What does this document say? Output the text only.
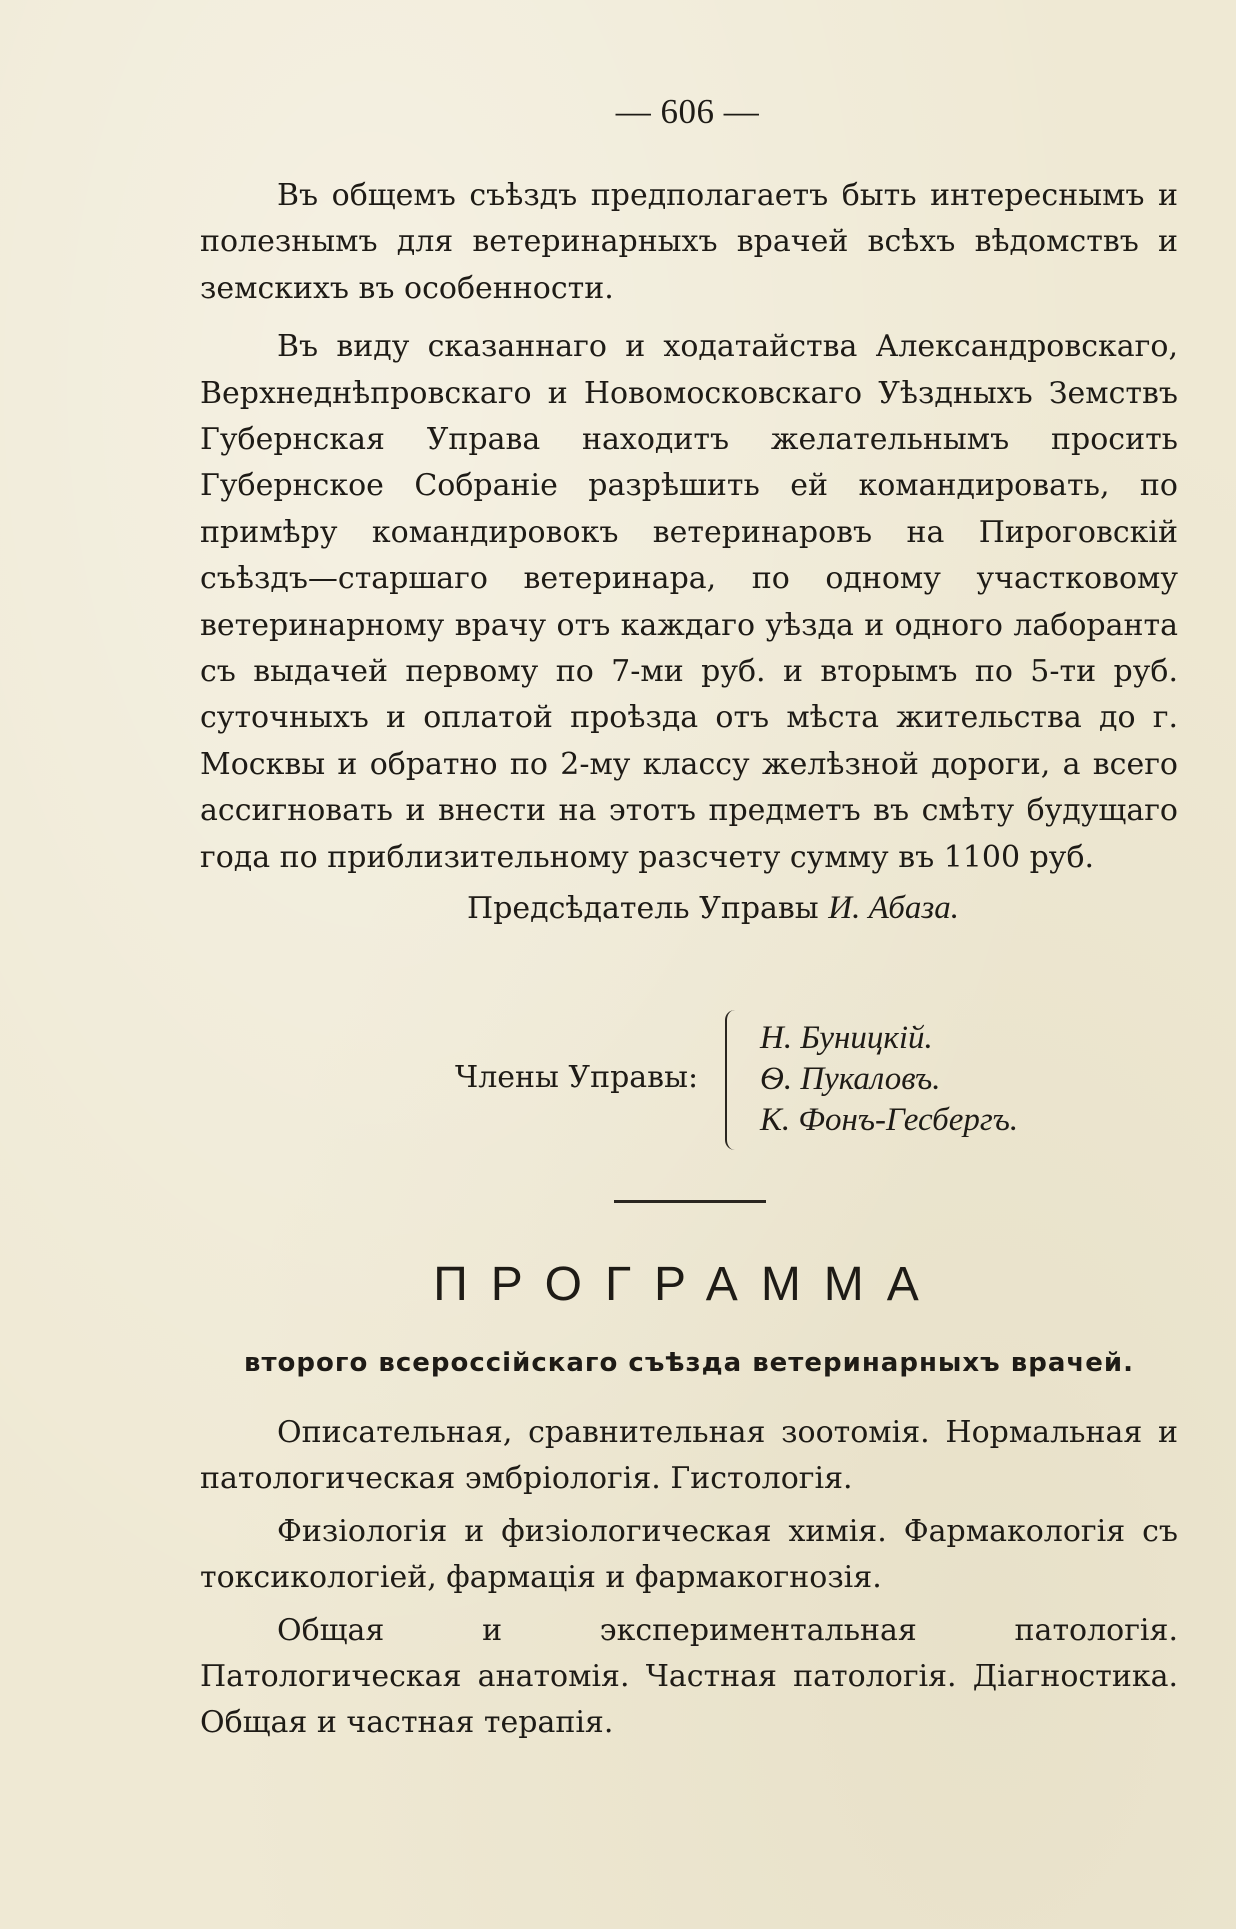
— 606 —

Въ общемъ съѣздъ предполагаетъ быть интереснымъ и полезнымъ для ветеринарныхъ врачей всѣхъ вѣдомствъ и земскихъ въ особенности.

Въ виду сказаннаго и ходатайства Александровскаго, Верхнеднѣпровскаго и Новомосковскаго Уѣздныхъ Земствъ Губернская Управа находитъ желательнымъ просить Губернское Собраніе разрѣшить ей командировать, по примѣру командировокъ ветеринаровъ на Пироговскій съѣздъ—старшаго ветеринара, по одному участковому ветеринарному врачу отъ каждаго уѣзда и одного лаборанта съ выдачей первому по 7-ми руб. и вторымъ по 5-ти руб. суточныхъ и оплатой проѣзда отъ мѣста жительства до г. Москвы и обратно по 2-му классу желѣзной дороги, а всего ассигновать и внести на этотъ предметъ въ смѣту будущаго года по приблизительному разсчету сумму въ 1100 руб.

Предсѣдатель Управы И. Абаза.
Члены Управы:
Н. Буницкій.
Ѳ. Пукаловъ.
К. Фонъ-Гесбергъ.
ПРОГРАММА
второго всероссійскаго съѣзда ветеринарныхъ врачей.

Описательная, сравнительная зоотомія. Нормальная и патологическая эмбріологія. Гистологія.

Физіологія и физіологическая химія. Фармакологія съ токсикологіей, фармація и фармакогнозія.

Общая и экспериментальная патологія. Патологическая анатомія. Частная патологія. Діагностика. Общая и частная терапія.
